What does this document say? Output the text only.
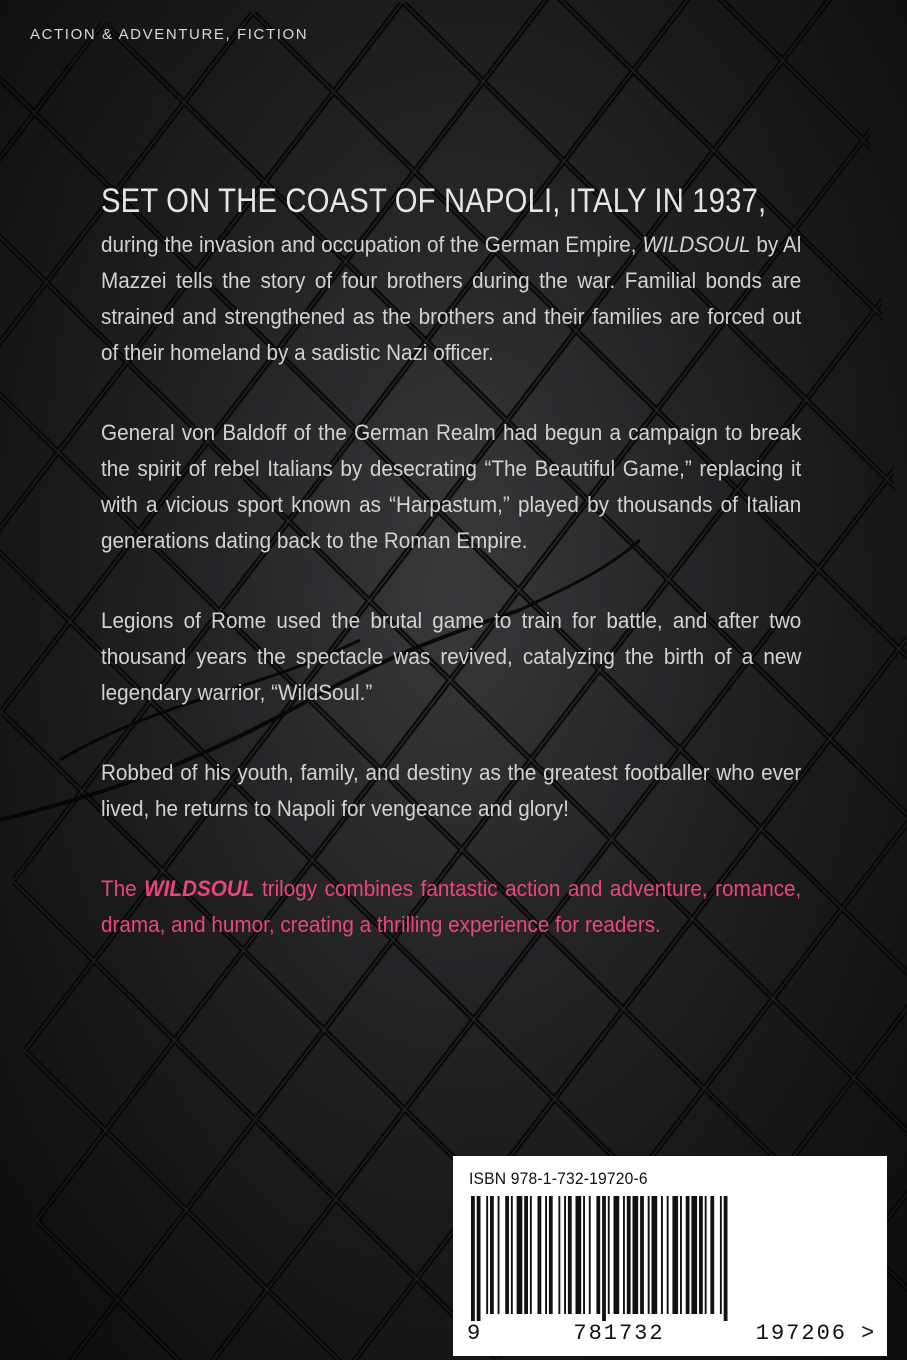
ACTION & ADVENTURE, FICTION
SET ON THE COAST OF NAPOLI, ITALY IN 1937,

during the invasion and occupation of the German Empire, WILDSOUL by Al Mazzei tells the story of four brothers during the war. Familial bonds are strained and strengthened as the brothers and their families are forced out of their homeland by a sadistic Nazi officer.

General von Baldoff of the German Realm had begun a campaign to break the spirit of rebel Italians by desecrating “The Beautiful Game,” replacing it with a vicious sport known as “Harpastum,” played by thousands of Italian generations dating back to the Roman Empire.

Legions of Rome used the brutal game to train for battle, and after two thousand years the spectacle was revived, catalyzing the birth of a new legendary warrior, “WildSoul.”

Robbed of his youth, family, and destiny as the greatest footballer who ever lived, he returns to Napoli for vengeance and glory!

The WILDSOUL trilogy combines fantastic action and adventure, romance, drama, and humor, creating a thrilling experience for readers.

ISBN 978-1-732-19720-6
9	781732	197206 >
